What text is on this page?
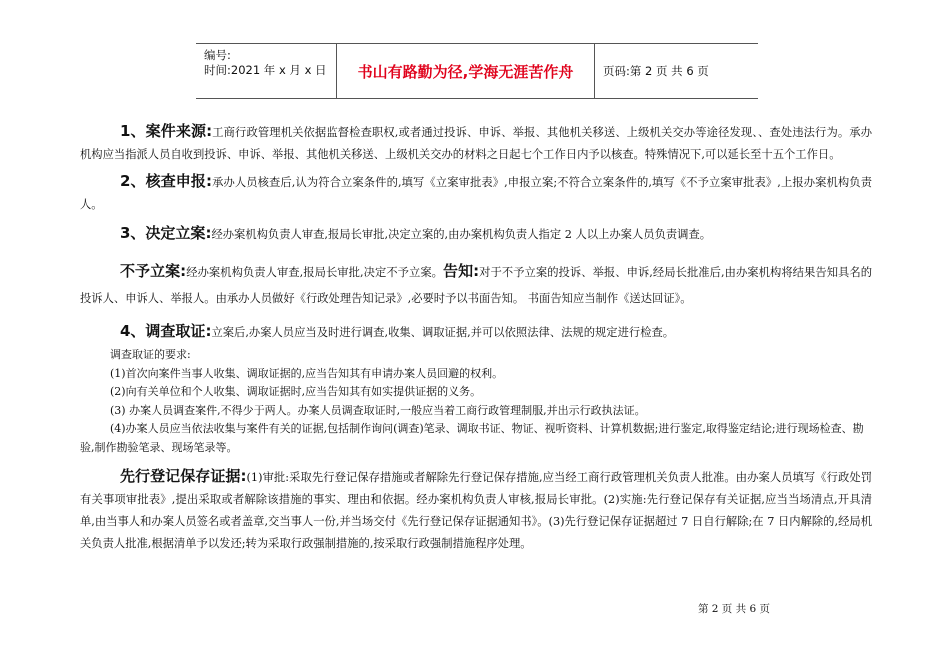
编号:
时间:2021 年 x 月 x 日	书山有路勤为径,学海无涯苦作舟	页码:第 2 页 共 6 页

1、案件来源:工商行政管理机关依据监督检查职权,或者通过投诉、申诉、举报、其他机关移送、上级机关交办等途径发现、、查处违法行为。承办机构应当指派人员自收到投诉、申诉、举报、其他机关移送、上级机关交办的材料之日起七个工作日内予以核查。特殊情况下,可以延长至十五个工作日。

2、核查申报:承办人员核查后,认为符合立案条件的,填写《立案审批表》,申报立案;不符合立案条件的,填写《不予立案审批表》,上报办案机构负责人。

3、决定立案:经办案机构负责人审查,报局长审批,决定立案的,由办案机构负责人指定 2 人以上办案人员负责调查。

不予立案:经办案机构负责人审查,报局长审批,决定不予立案。告知:对于不予立案的投诉、举报、申诉,经局长批准后,由办案机构将结果告知具名的投诉人、申诉人、举报人。由承办人员做好《行政处理告知记录》,必要时予以书面告知。 书面告知应当制作《送达回证》。

4、调查取证:立案后,办案人员应当及时进行调查,收集、调取证据,并可以依照法律、法规的规定进行检查。

调查取证的要求:

(1)首次向案件当事人收集、调取证据的,应当告知其有申请办案人员回避的权利。

(2)向有关单位和个人收集、调取证据时,应当告知其有如实提供证据的义务。

(3) 办案人员调查案件,不得少于两人。办案人员调查取证时,一般应当着工商行政管理制服,并出示行政执法证。

(4)办案人员应当依法收集与案件有关的证据,包括制作询问(调查)笔录、调取书证、物证、视听资料、计算机数据;进行鉴定,取得鉴定结论;进行现场检查、勘验,制作勘验笔录、现场笔录等。

先行登记保存证据:(1)审批:采取先行登记保存措施或者解除先行登记保存措施,应当经工商行政管理机关负责人批准。由办案人员填写《行政处罚有关事项审批表》,提出采取或者解除该措施的事实、理由和依据。经办案机构负责人审核,报局长审批。(2)实施:先行登记保存有关证据,应当当场清点,开具清单,由当事人和办案人员签名或者盖章,交当事人一份,并当场交付《先行登记保存证据通知书》。(3)先行登记保存证据超过 7 日自行解除;在 7 日内解除的,经局机关负责人批准,根据清单予以发还;转为采取行政强制措施的,按采取行政强制措施程序处理。

第 2 页 共 6 页
